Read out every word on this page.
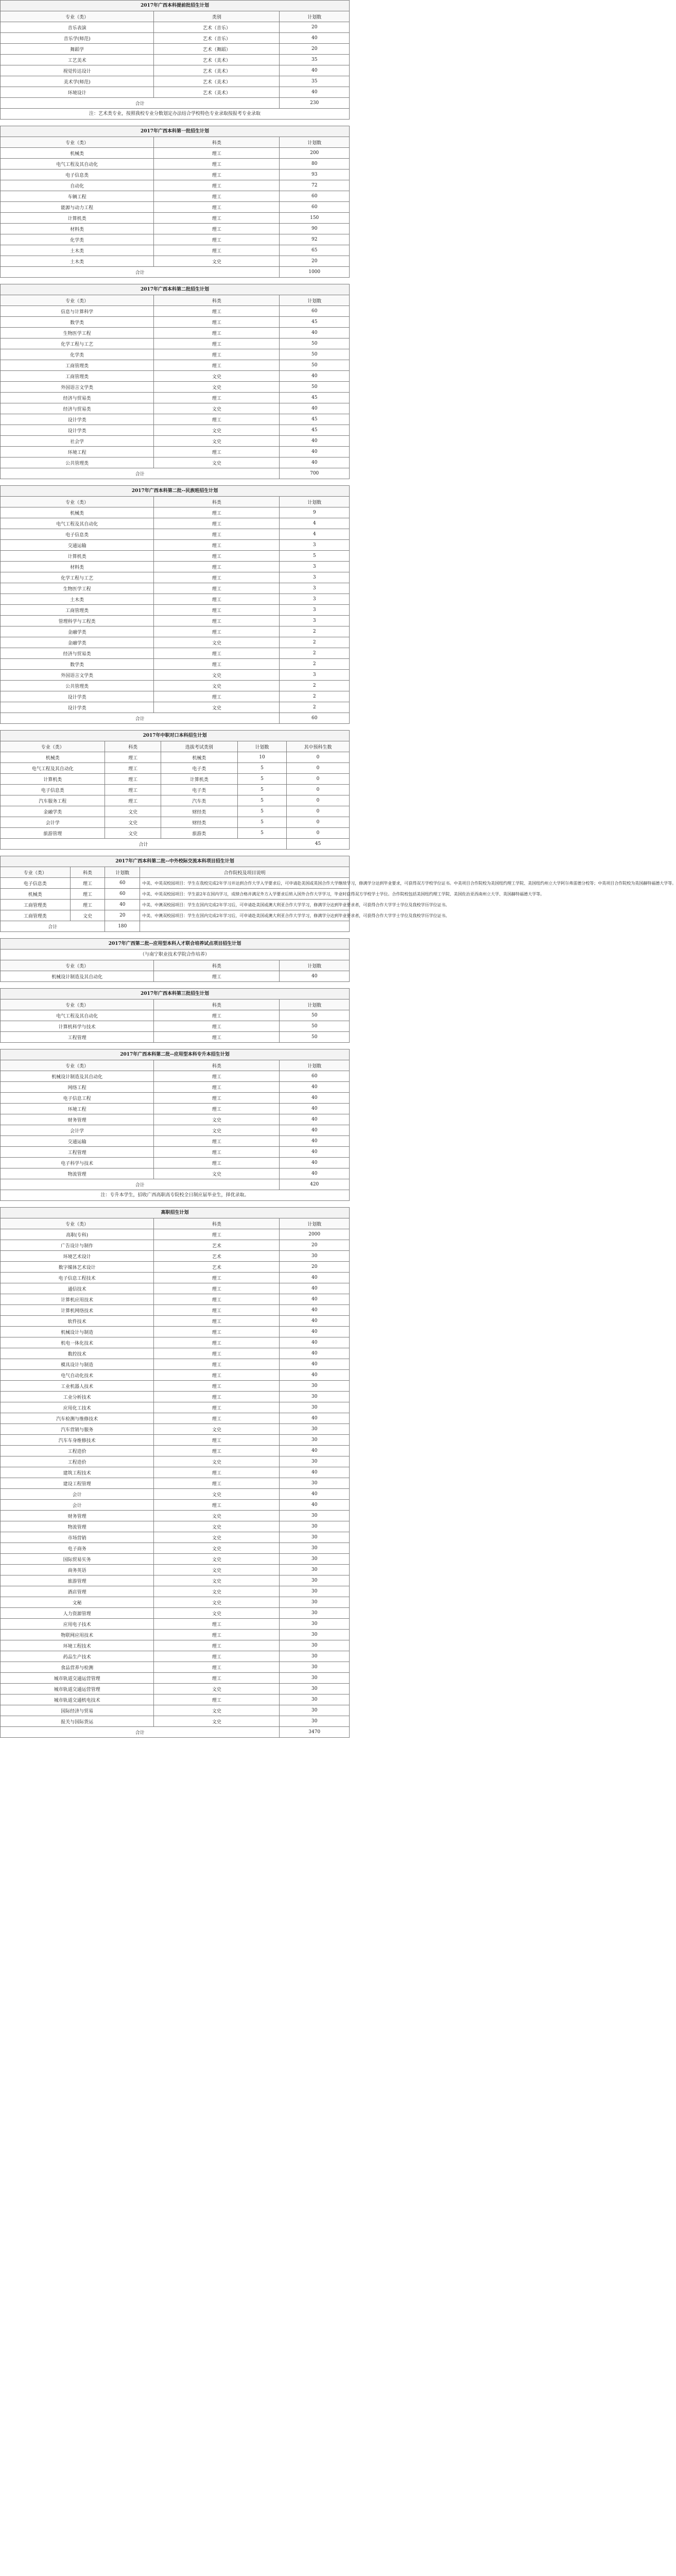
2017年广西本科提前批招生计划
专业（类）	类别	计划数
音乐表演	艺术（音乐）	20
音乐学(师范)	艺术（音乐）	40
舞蹈学	艺术（舞蹈）	20
工艺美术	艺术（美术）	35
视觉传达设计	艺术（美术）	40
美术学(师范)	艺术（美术）	35
环境设计	艺术（美术）	40
合计		230
注：艺术类专业，按照我校专业分数划定办法结合学校特色专业录取按报考专业录取		
2017年广西本科第一批招生计划
专业（类）	科类	计划数
机械类	理工	200
电气工程及其自动化	理工	80
电子信息类	理工	93
自动化	理工	72
车辆工程	理工	60
能源与动力工程	理工	60
计算机类	理工	150
材料类	理工	90
化学类	理工	92
土木类	理工	65
土木类	文史	20
合计		1000
2017年广西本科第二批招生计划
专业（类）	科类	计划数
信息与计算科学	理工	60
数学类	理工	45
生物医学工程	理工	40
化学工程与工艺	理工	50
化学类	理工	50
工商管理类	理工	50
工商管理类	文史	40
外国语言文学类	文史	50
经济与贸易类	理工	45
经济与贸易类	文史	40
设计学类	理工	45
设计学类	文史	45
社会学	文史	40
环境工程	理工	40
公共管理类	文史	40
合计		700
2017年广西本科第二批--民族班招生计划
专业（类）	科类	计划数
机械类	理工	9
电气工程及其自动化	理工	4
电子信息类	理工	4
交通运输	理工	3
计算机类	理工	5
材料类	理工	3
化学工程与工艺	理工	3
生物医学工程	理工	3
土木类	理工	3
工商管理类	理工	3
管理科学与工程类	理工	3
金融学类	理工	2
金融学类	文史	2
经济与贸易类	理工	2
数学类	理工	2
外国语言文学类	文史	3
公共管理类	文史	2
设计学类	理工	2
设计学类	文史	2
合计		60
2017年中职对口本科招生计划
专业（类）	科类	选拔考试类别	计划数	其中预科生数
机械类	理工	机械类	10	0
电气工程及其自动化	理工	电子类	5	0
计算机类	理工	计算机类	5	0
电子信息类	理工	电子类	5	0
汽车服务工程	理工	汽车类	5	0
金融学类	文史	财经类	5	0
会计学	文史	财经类	5	0
旅游管理	文史	旅游类	5	0
合计				45
2017年广西本科第二批--中外校际交流本科项目招生计划
专业（类）	科类	计划数	合作院校及项目说明
电子信息类	理工	60	中美、中英双校园项目：学生在我校完成2年学习并达到合作大学入学要求后，可申请赴美国或英国合作大学继续学习，修满学分达到毕业要求，可获得双方学校学位证书。中美项目合作院校为美国纽约理工学院、美国纽约州立大学阿尔弗雷德分校等；中英项目合作院校为英国赫特福德大学等。
机械类	理工	60	中美、中英双校园项目：学生前2年在国内学习，成绩合格并满足外方入学要求后转入国外合作大学学习，毕业时获得双方学校学士学位。合作院校包括美国纽约理工学院、美国佐治亚西南州立大学、英国赫特福德大学等。
工商管理类	理工	40	中美、中澳双校园项目：学生在国内完成2年学习后，可申请赴美国或澳大利亚合作大学学习，修满学分达到毕业要求者，可获得合作大学学士学位及我校学历学位证书。
工商管理类	文史	20	中美、中澳双校园项目：学生在国内完成2年学习后，可申请赴美国或澳大利亚合作大学学习，修满学分达到毕业要求者，可获得合作大学学士学位及我校学历学位证书。
合计		180	
2017年广西第二批--应用型本科人才联合培养试点项目招生计划
（与南宁职业技术学院合作培养）
专业（类）	科类	计划数
机械设计制造及其自动化	理工	40
2017年广西本科第三批招生计划
专业（类）	科类	计划数
电气工程及其自动化	理工	50
计算机科学与技术	理工	50
工程管理	理工	50
2017年广西本科第二批--应用型本科专升本招生计划
专业（类）	科类	计划数
机械设计制造及其自动化	理工	60
网络工程	理工	40
电子信息工程	理工	40
环境工程	理工	40
财务管理	文史	40
会计学	文史	40
交通运输	理工	40
工程管理	理工	40
电子科学与技术	理工	40
物流管理	文史	40
合计		420
注：专升本学生，招收广西高职高专院校全日制应届毕业生，择优录取。		
高职招生计划
专业（类）	科类	计划数
高职(专科)	理工	2000
广告设计与制作	艺术	20
环境艺术设计	艺术	30
数字媒体艺术设计	艺术	20
电子信息工程技术	理工	40
通信技术	理工	40
计算机应用技术	理工	40
计算机网络技术	理工	40
软件技术	理工	40
机械设计与制造	理工	40
机电一体化技术	理工	40
数控技术	理工	40
模具设计与制造	理工	40
电气自动化技术	理工	40
工业机器人技术	理工	30
工业分析技术	理工	30
应用化工技术	理工	30
汽车检测与维修技术	理工	40
汽车营销与服务	文史	30
汽车车身维修技术	理工	30
工程造价	理工	40
工程造价	文史	30
建筑工程技术	理工	40
建设工程管理	理工	30
会计	文史	40
会计	理工	40
财务管理	文史	30
物流管理	文史	30
市场营销	文史	30
电子商务	文史	30
国际贸易实务	文史	30
商务英语	文史	30
旅游管理	文史	30
酒店管理	文史	30
文秘	文史	30
人力资源管理	文史	30
应用电子技术	理工	30
物联网应用技术	理工	30
环境工程技术	理工	30
药品生产技术	理工	30
食品营养与检测	理工	30
城市轨道交通运营管理	理工	30
城市轨道交通运营管理	文史	30
城市轨道交通机电技术	理工	30
国际经济与贸易	文史	30
报关与国际货运	文史	30
合计		3470
